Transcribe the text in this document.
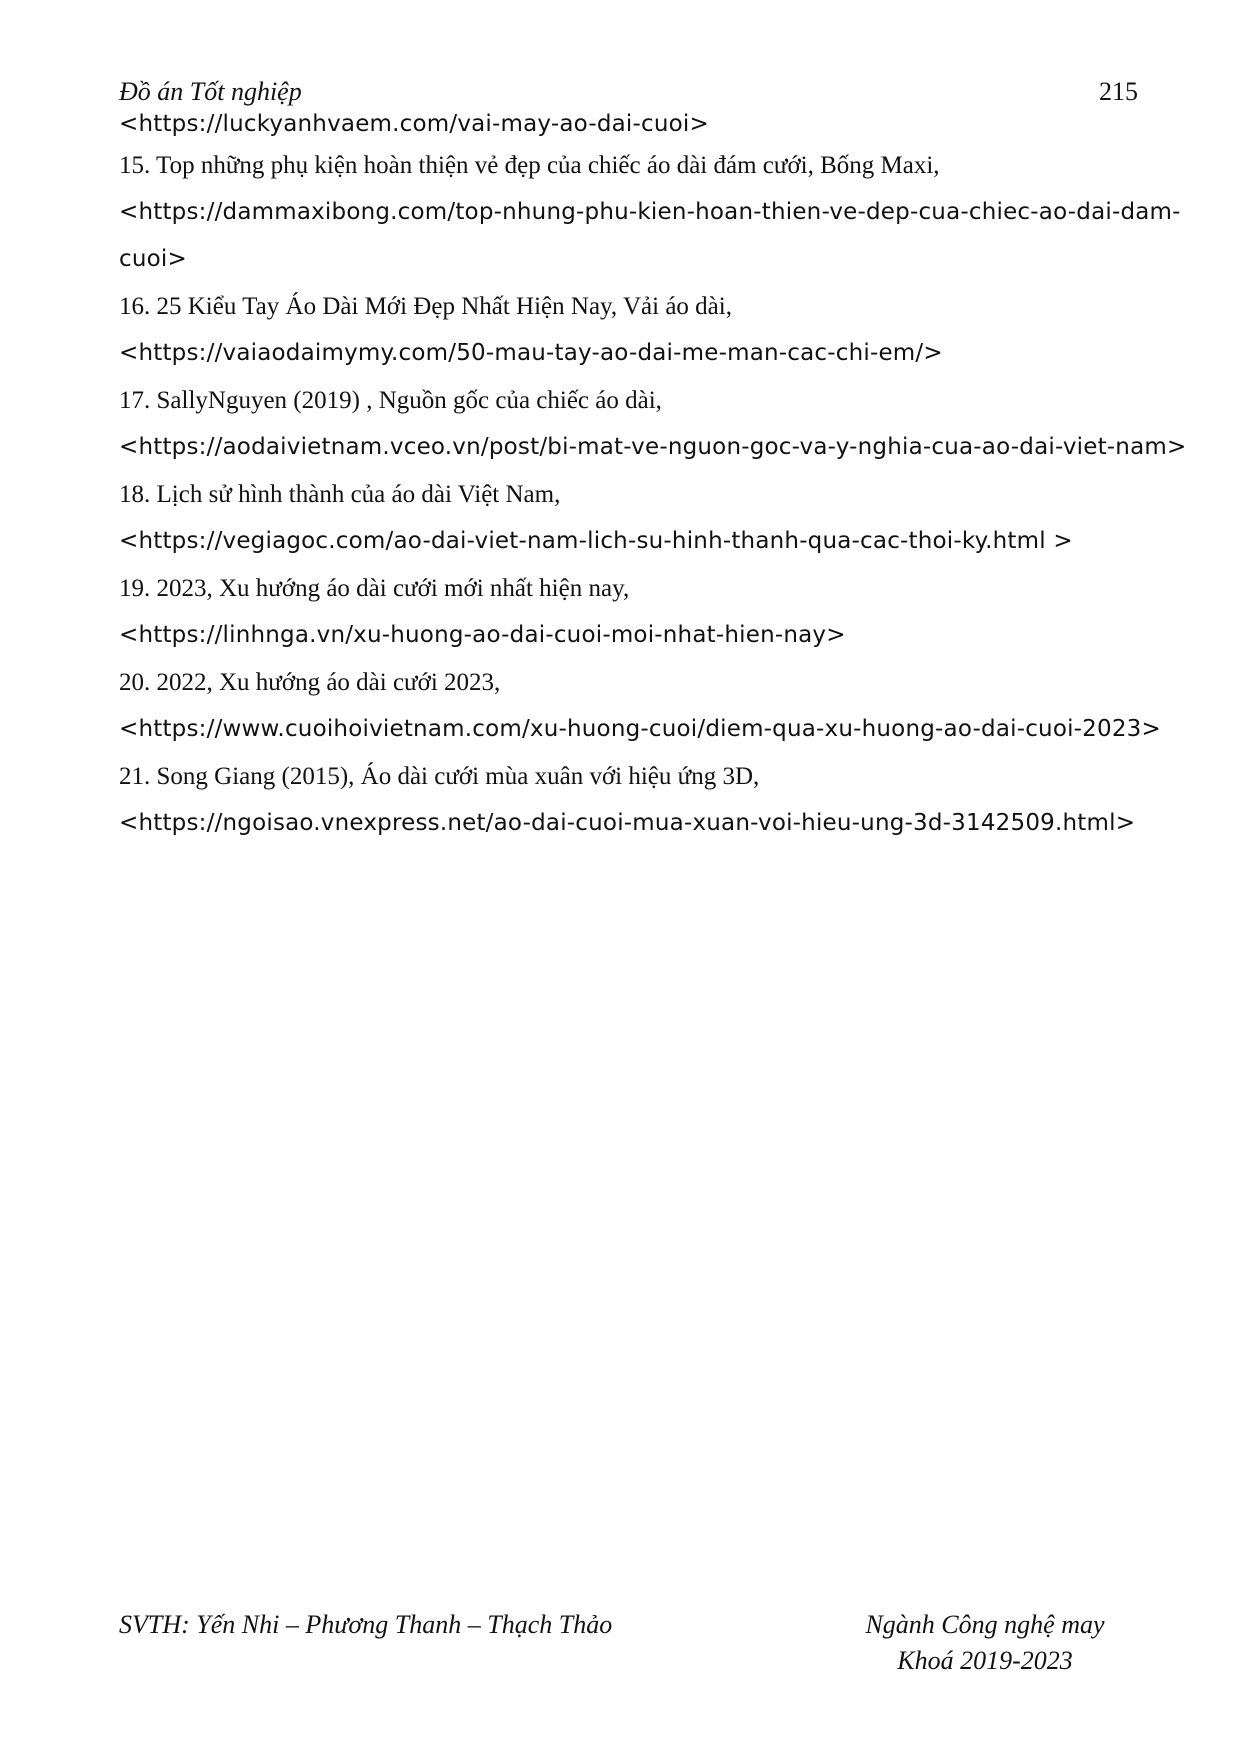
Đồ án Tốt nghiệp	215
<https://luckyanhvaem.com/vai-may-ao-dai-cuoi>
15. Top những phụ kiện hoàn thiện vẻ đẹp của chiếc áo dài đám cưới, Bống Maxi,
<https://dammaxibong.com/top-nhung-phu-kien-hoan-thien-ve-dep-cua-chiec-ao-dai-dam-
cuoi>
16. 25 Kiểu Tay Áo Dài Mới Đẹp Nhất Hiện Nay, Vải áo dài,
<https://vaiaodaimymy.com/50-mau-tay-ao-dai-me-man-cac-chi-em/>
17. SallyNguyen (2019) , Nguồn gốc của chiếc áo dài,
<https://aodaivietnam.vceo.vn/post/bi-mat-ve-nguon-goc-va-y-nghia-cua-ao-dai-viet-nam>
18. Lịch sử hình thành của áo dài Việt Nam,
<https://vegiagoc.com/ao-dai-viet-nam-lich-su-hinh-thanh-qua-cac-thoi-ky.html >
19. 2023, Xu hướng áo dài cưới mới nhất hiện nay,
<https://linhnga.vn/xu-huong-ao-dai-cuoi-moi-nhat-hien-nay>
20. 2022, Xu hướng áo dài cưới 2023,
<https://www.cuoihoivietnam.com/xu-huong-cuoi/diem-qua-xu-huong-ao-dai-cuoi-2023>
21. Song Giang (2015), Áo dài cưới mùa xuân với hiệu ứng 3D,
<https://ngoisao.vnexpress.net/ao-dai-cuoi-mua-xuan-voi-hieu-ung-3d-3142509.html>
SVTH: Yến Nhi – Phương Thanh – Thạch Thảo	Ngành Công nghệ may
Khoá 2019-2023
